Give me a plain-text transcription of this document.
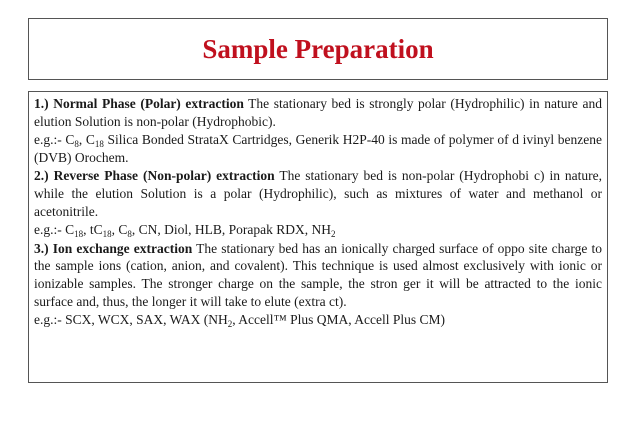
Sample Preparation

1.) Normal Phase (Polar) extraction The stationary bed is strongly polar (Hydrophilic) in nature and elution Solution is non-polar (Hydrophobic).

e.g.:- $C_8$, $C_{18}$ Silica Bonded StrataX Cartridges, Generik H2P-40 is made of polymer of d ivinyl benzene (DVB) Orochem.

2.) Reverse Phase (Non-polar) extraction The stationary bed is non-polar (Hydrophobi c) in nature, while the elution Solution is a polar (Hydrophilic), such as mixtures of water and methanol or acetonitrile.

e.g.:- $C_{18}$, $tC_{18}$, $C_8$, CN, Diol, HLB, Porapak RDX, $NH_2$

3.) Ion exchange extraction The stationary bed has an ionically charged surface of oppo site charge to the sample ions (cation, anion, and covalent). This technique is used almost exclusively with ionic or ionizable samples. The stronger charge on the sample, the stron ger it will be attracted to the ionic surface and, thus, the longer it will take to elute (extra ct).

e.g.:- SCX, WCX, SAX, WAX ($NH_2$, Accell™ Plus QMA, Accell Plus CM)
